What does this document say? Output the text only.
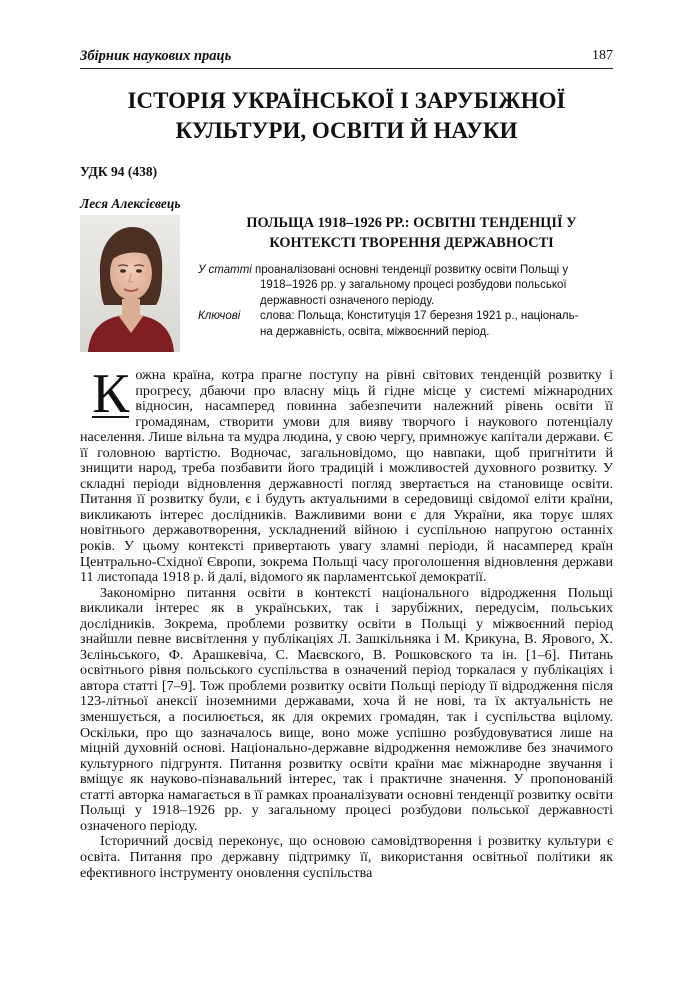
Збірник наукових праць	187
ІСТОРІЯ УКРАЇНСЬКОЇ І ЗАРУБІЖНОЇ
КУЛЬТУРИ, ОСВІТИ Й НАУКИ
УДК 94 (438)
Леся Алексієвець
ПОЛЬЩА 1918–1926 РР.: ОСВІТНІ ТЕНДЕНЦІЇ У
КОНТЕКСТІ ТВОРЕННЯ ДЕРЖАВНОСТІ
У статті проаналізовані основні тенденції розвитку освіти Польщі у
1918–1926 рр. у загальному процесі розбудови польської
державності означеного періоду.
Ключові	слова: Польща, Конституція 17 березня 1921 р., національ-
на державність, освіта, міжвоєнний період.

К ожна країна, котра прагне поступу на рівні світових тенденцій розвитку і прогресу, дбаючи про власну міць й гідне місце у системі міжнародних відносин, насамперед повинна забезпечити належний рівень освіти її громадянам, створити умови для вияву творчого і наукового потенціалу населення. Лише вільна та мудра людина, у свою чергу, примножує капітали держави. Є її головною вартістю. Водночас, загальновідомо, що навпаки, щоб пригнітити й знищити народ, треба позбавити його традицій і можливостей духовного розвитку. У складні періоди відновлення державності погляд звертається на становище освіти. Питання її розвитку були, є і будуть актуальними в середовищі свідомої еліти країни, викликають інтерес дослідників. Важливими вони є для України, яка торує шлях новітнього державотворення, ускладнений війною і суспільною напругою останніх років. У цьому контексті привертають увагу зламні періоди, й насамперед країн Центрально-Східної Європи, зокрема Польщі часу проголошення відновлення держави 11 листопада 1918 р. й далі, відомого як парламентської демократії.

Закономірно питання освіти в контексті національного відродження Польщі викликали інтерес як в українських, так і зарубіжних, передусім, польських дослідників. Зокрема, проблеми розвитку освіти в Польщі у міжвоєнний період знайшли певне висвітлення у публікаціях Л. Зашкільняка і М. Крикуна, В. Ярового, Х. Зєліньського, Ф. Арашкевіча, С. Маєвского, В. Рошковского та ін. [1–6]. Питань освітнього рівня польського суспільства в означений період торкалася у публікаціях і автора статті [7–9]. Тож проблеми розвитку освіти Польщі періоду її відродження після 123-літньої анексії іноземними державами, хоча й не нові, та їх актуальність не зменшується, а посилюється, як для окремих громадян, так і суспільства вцілому. Оскільки, про що зазначалось вище, воно може успішно розбудовуватися лише на міцній духовній основі. Національно-державне відродження неможливе без значимого культурного підгрунтя. Питання розвитку освіти країни має міжнародне звучання і вміщує як науково-пізнавальний інтерес, так і практичне значення. У пропонованій статті авторка намагається в її рамках проаналізувати основні тенденції розвитку освіти Польщі у 1918–1926 рр. у загальному процесі розбудови польської державності означеного періоду.

Історичний досвід переконує, що основою самовідтворення і розвитку культури є освіта. Питання про державну підтримку її, використання освітньої політики як ефективного інструменту оновлення суспільства
